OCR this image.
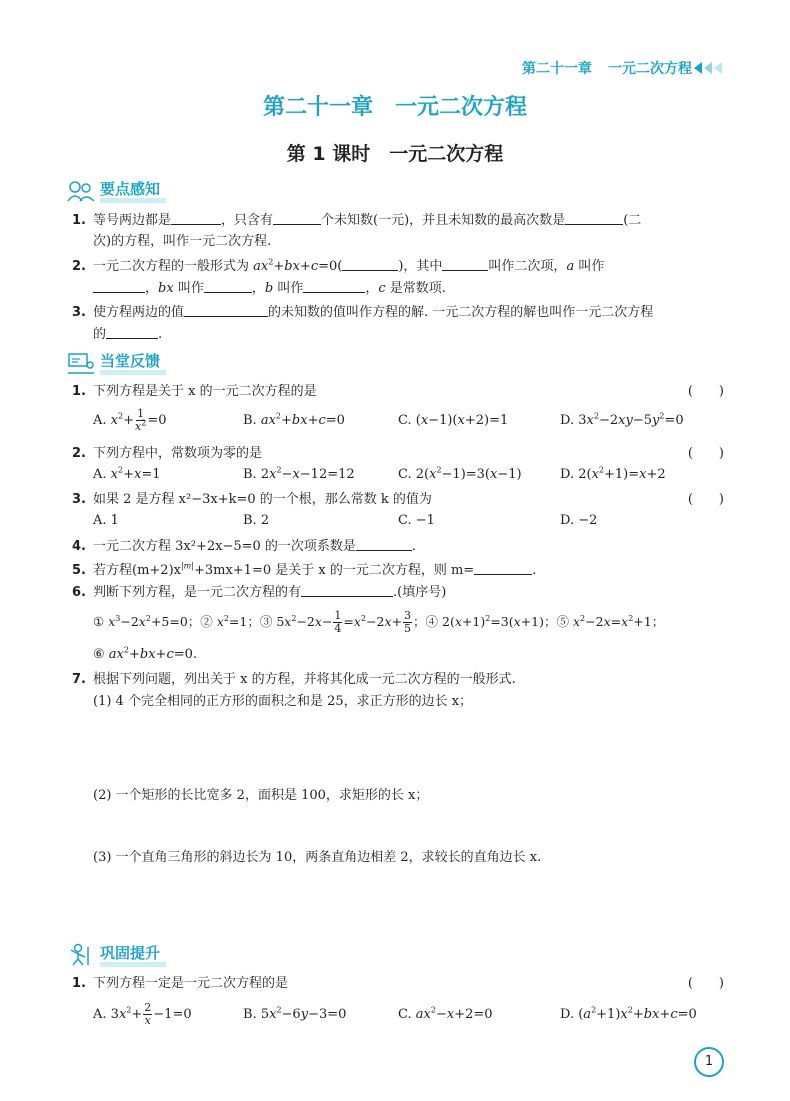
第二十一章 一元二次方程
第二十一章　一元二次方程
第 1 课时　一元二次方程
要点感知
1. 等号两边都是	，只含有	个未知数(一元)，并且未知数的最高次数是	(二
次)的方程，叫作一元二次方程.
2. 一元二次方程的一般形式为 $ax^2+bx+c=0$(	)，其中	叫作二次项，a 叫作
，bx 叫作	，b 叫作	，c 是常数项.
3. 使方程两边的值	的未知数的值叫作方程的解. 一元二次方程的解也叫作一元二次方程
的	.
当堂反馈
1. 下列方程是关于 x 的一元二次方程的是	(　　)
A. $x^2+ \frac{1}{x^2} =0$	B. $ax^2+bx+c=0$	C. (x−1)(x+2)=1	D. $3x^2-2xy-5y^2=0$
2. 下列方程中，常数项为零的是	(　　)
A. $x^2+x=1$	B. $2x^2-x-12=12$	C. $2(x^2-1)=3(x-1)$	D. $2(x^2+1)=x+2$
3. 如果 2 是方程 x²−3x+k=0 的一个根，那么常数 k 的值为	(　　)
A. 1	B. 2	C. −1	D. −2
4. 一元二次方程 3x²+2x−5=0 的一次项系数是	.
5. 若方程$(m+2)x^{|m|}+3mx+1=0$ 是关于 x 的一元二次方程，则 m=	.
6. 判断下列方程，是一元二次方程的有	.(填序号)
① $x^3-2x^2+5=0$；② $x^2=1$；③ $5x^2-2x- \frac{1}{4} =x^2-2x+ \frac{3}{5}$ ；④ $2(x+1)^2=3(x+1)$；⑤ $x^2-2x=x^2+1$；
⑥ $ax^2+bx+c=0$.
7. 根据下列问题，列出关于 x 的方程，并将其化成一元二次方程的一般形式.
(1) 4 个完全相同的正方形的面积之和是 25，求正方形的边长 x；
(2) 一个矩形的长比宽多 2，面积是 100，求矩形的长 x；
(3) 一个直角三角形的斜边长为 10，两条直角边相差 2，求较长的直角边长 x.
巩固提升
1. 下列方程一定是一元二次方程的是	(　　)
A. $3x^2+ \frac{2}{x} -1=0$	B. $5x^2-6y-3=0$	C. $ax^2-x+2=0$	D. $(a^2+1)x^2+bx+c=0$
1
